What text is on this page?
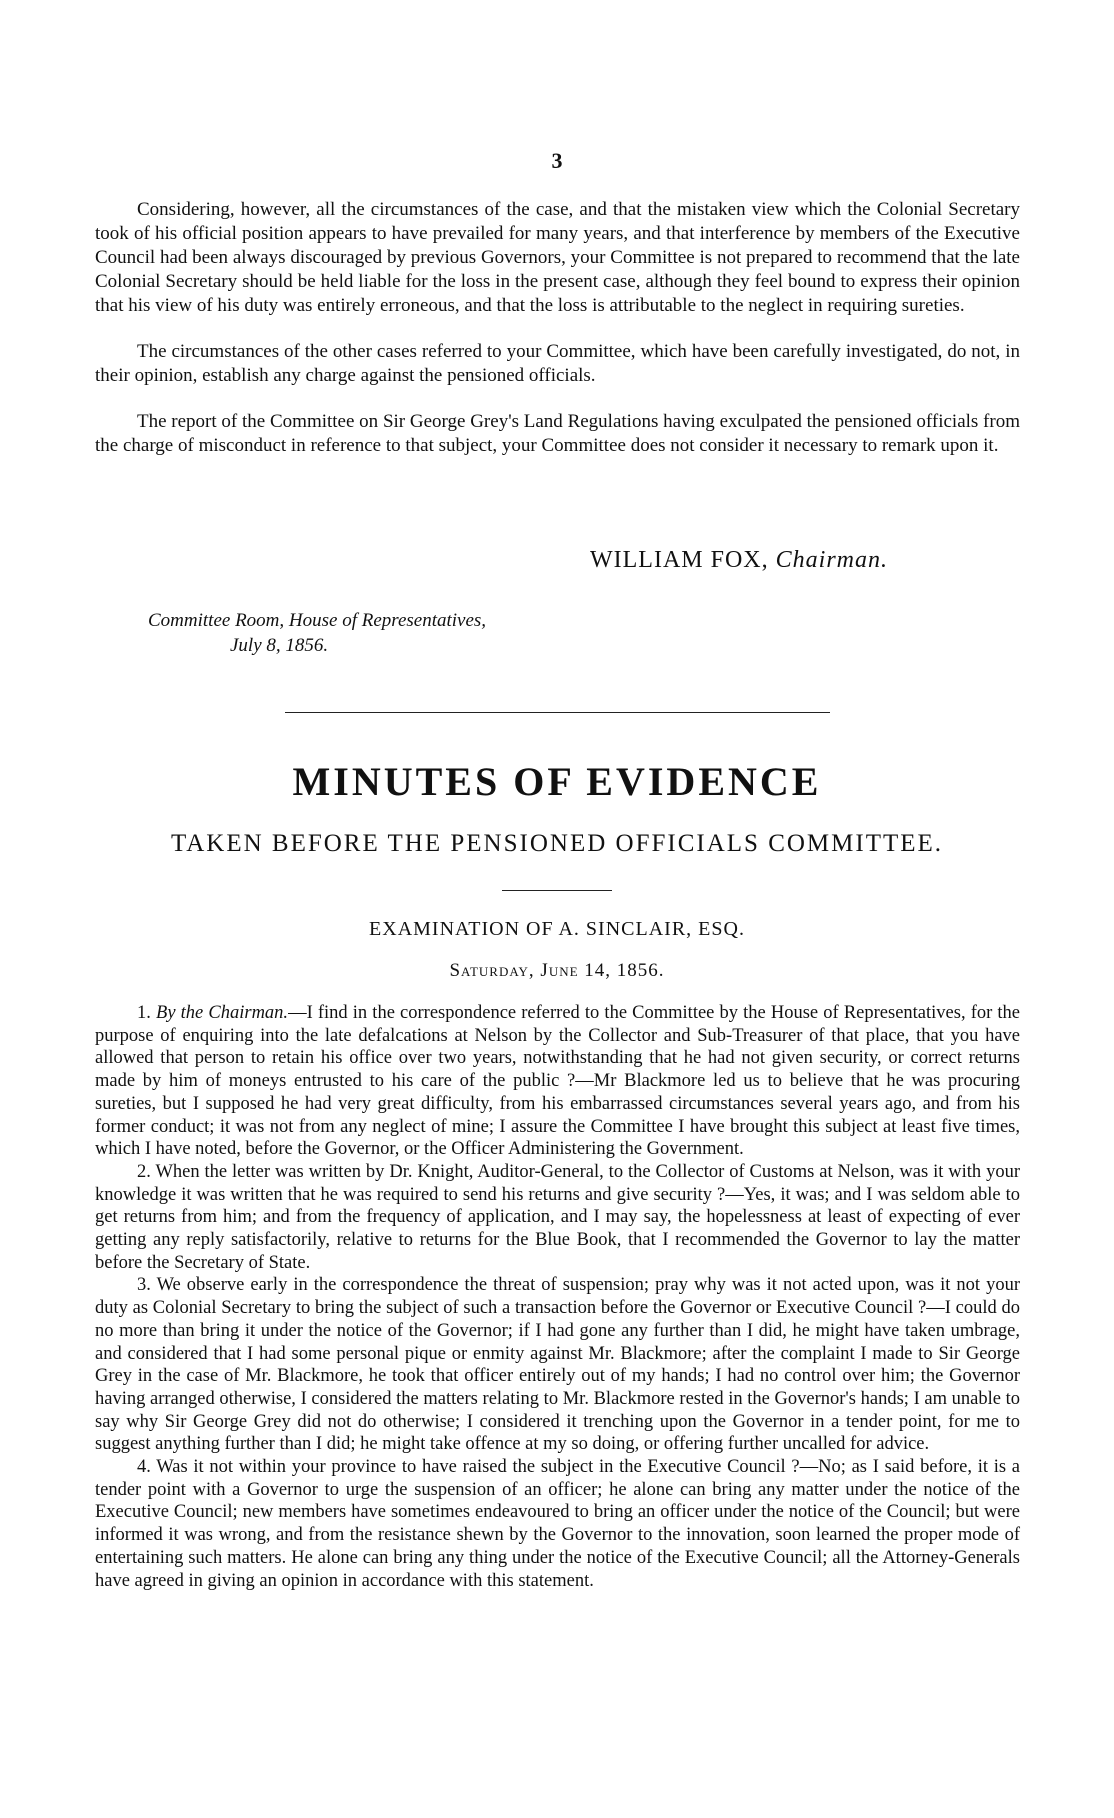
3

Considering, however, all the circumstances of the case, and that the mistaken view which the Colonial Secretary took of his official position appears to have prevailed for many years, and that interference by members of the Executive Council had been always discouraged by previous Governors, your Committee is not prepared to recommend that the late Colonial Secretary should be held liable for the loss in the present case, although they feel bound to express their opinion that his view of his duty was entirely erroneous, and that the loss is attributable to the neglect in requiring sureties.

The circumstances of the other cases referred to your Committee, which have been carefully investigated, do not, in their opinion, establish any charge against the pensioned officials.

The report of the Committee on Sir George Grey's Land Regulations having exculpated the pensioned officials from the charge of misconduct in reference to that subject, your Committee does not consider it necessary to remark upon it.

WILLIAM FOX, Chairman.
Committee Room, House of Representatives,
July 8, 1856.
MINUTES OF EVIDENCE
TAKEN BEFORE THE PENSIONED OFFICIALS COMMITTEE.
EXAMINATION OF A. SINCLAIR, ESQ.
Saturday, June 14, 1856.

1. By the Chairman.—I find in the correspondence referred to the Committee by the House of Representatives, for the purpose of enquiring into the late defalcations at Nelson by the Collector and Sub-Treasurer of that place, that you have allowed that person to retain his office over two years, notwithstanding that he had not given security, or correct returns made by him of moneys entrusted to his care of the public ?—Mr Blackmore led us to believe that he was procuring sureties, but I supposed he had very great difficulty, from his embarrassed circumstances several years ago, and from his former conduct; it was not from any neglect of mine; I assure the Committee I have brought this subject at least five times, which I have noted, before the Governor, or the Officer Administering the Government.

2. When the letter was written by Dr. Knight, Auditor-General, to the Collector of Customs at Nelson, was it with your knowledge it was written that he was required to send his returns and give security ?—Yes, it was; and I was seldom able to get returns from him; and from the frequency of application, and I may say, the hopelessness at least of expecting of ever getting any reply satisfactorily, relative to returns for the Blue Book, that I recommended the Governor to lay the matter before the Secretary of State.

3. We observe early in the correspondence the threat of suspension; pray why was it not acted upon, was it not your duty as Colonial Secretary to bring the subject of such a transaction before the Governor or Executive Council ?—I could do no more than bring it under the notice of the Governor; if I had gone any further than I did, he might have taken umbrage, and considered that I had some personal pique or enmity against Mr. Blackmore; after the complaint I made to Sir George Grey in the case of Mr. Blackmore, he took that officer entirely out of my hands; I had no control over him; the Governor having arranged otherwise, I considered the matters relating to Mr. Blackmore rested in the Governor's hands; I am unable to say why Sir George Grey did not do otherwise; I considered it trenching upon the Governor in a tender point, for me to suggest anything further than I did; he might take offence at my so doing, or offering further uncalled for advice.

4. Was it not within your province to have raised the subject in the Executive Council ?—No; as I said before, it is a tender point with a Governor to urge the suspension of an officer; he alone can bring any matter under the notice of the Executive Council; new members have sometimes endeavoured to bring an officer under the notice of the Council; but were informed it was wrong, and from the resistance shewn by the Governor to the innovation, soon learned the proper mode of entertaining such matters. He alone can bring any thing under the notice of the Executive Council; all the Attorney-Generals have agreed in giving an opinion in accordance with this statement.
